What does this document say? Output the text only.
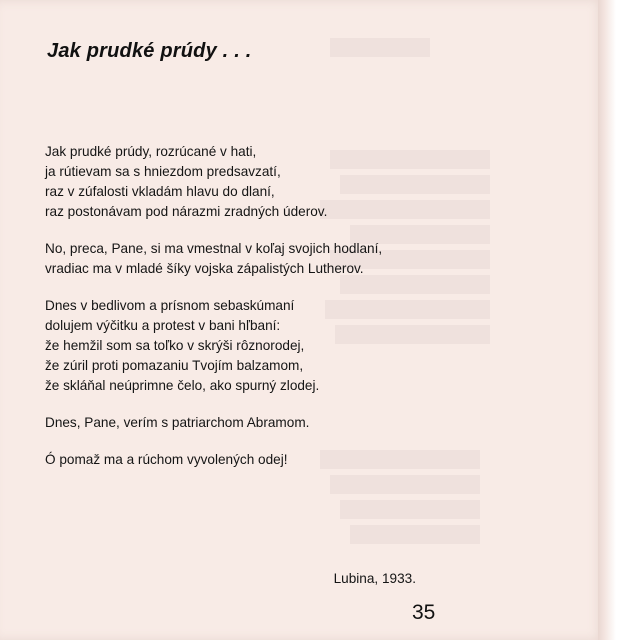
Jak prudké prúdy . . .

Jak prudké prúdy, rozrúcané v hati,
ja rútievam sa s hniezdom predsavzatí,
raz v zúfalosti vkladám hlavu do dlaní,
raz postonávam pod nárazmi zradných úderov.

No, preca, Pane, si ma vmestnal v koľaj svojich hodlaní,
vradiac ma v mladé šíky vojska zápalistých Lutherov.

Dnes v bedlivom a prísnom sebaskúmaní
dolujem výčitku a protest v bani hľbaní:
že hemžil som sa toľko v skrýši rôznorodej,
že zúril proti pomazaniu Tvojím balzamom,
že skláňal neúprimne čelo, ako spurný zlodej.

Dnes, Pane, verím s patriarchom Abramom.

Ó pomaž ma a rúchom vyvolených odej!

Lubina, 1933.
35
